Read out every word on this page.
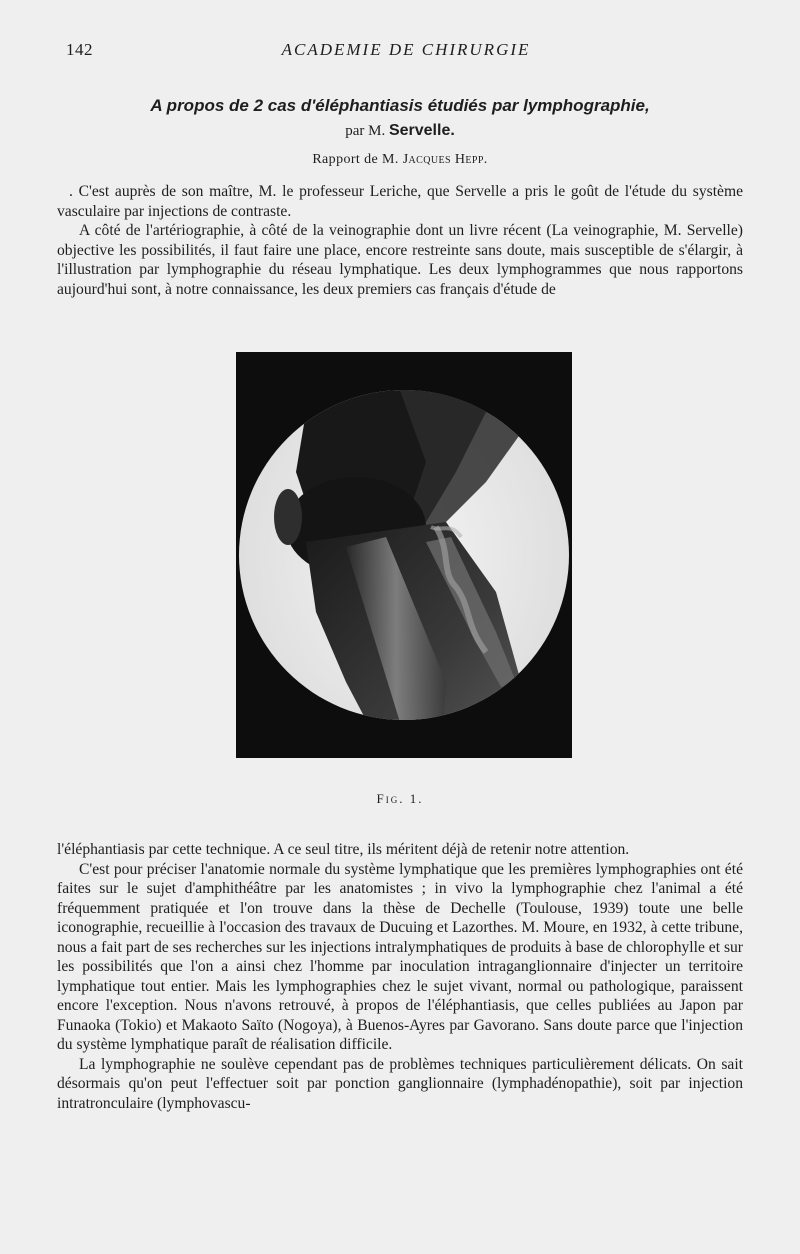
142	ACADEMIE DE CHIRURGIE
A propos de 2 cas d'éléphantiasis étudiés par lymphographie,
par M. Servelle.
Rapport de M. Jacques Hepp.

. C'est auprès de son maître, M. le professeur Leriche, que Servelle a pris le goût de l'étude du système vasculaire par injections de contraste.

A côté de l'artériographie, à côté de la veinographie dont un livre récent (La veinographie, M. Servelle) objective les possibilités, il faut faire une place, encore restreinte sans doute, mais susceptible de s'élargir, à l'illustration par lymphographie du réseau lymphatique. Les deux lymphogrammes que nous rapportons aujourd'hui sont, à notre connaissance, les deux premiers cas français d'étude de

Fig. 1.

l'éléphantiasis par cette technique. A ce seul titre, ils méritent déjà de retenir notre attention.

C'est pour préciser l'anatomie normale du système lymphatique que les premières lymphographies ont été faites sur le sujet d'amphithéâtre par les anatomistes ; in vivo la lymphographie chez l'animal a été fréquemment pratiquée et l'on trouve dans la thèse de Dechelle (Toulouse, 1939) toute une belle iconographie, recueillie à l'occasion des travaux de Ducuing et Lazorthes. M. Moure, en 1932, à cette tribune, nous a fait part de ses recherches sur les injections intralymphatiques de produits à base de chlorophylle et sur les possibilités que l'on a ainsi chez l'homme par inoculation intraganglionnaire d'injecter un territoire lymphatique tout entier. Mais les lymphographies chez le sujet vivant, normal ou pathologique, paraissent encore l'exception. Nous n'avons retrouvé, à propos de l'éléphantiasis, que celles publiées au Japon par Funaoka (Tokio) et Makaoto Saïto (Nogoya), à Buenos-Ayres par Gavorano. Sans doute parce que l'injection du système lymphatique paraît de réalisation difficile.

La lymphographie ne soulève cependant pas de problèmes techniques particulièrement délicats. On sait désormais qu'on peut l'effectuer soit par ponction ganglionnaire (lymphadénopathie), soit par injection intratronculaire (lymphovascu-
